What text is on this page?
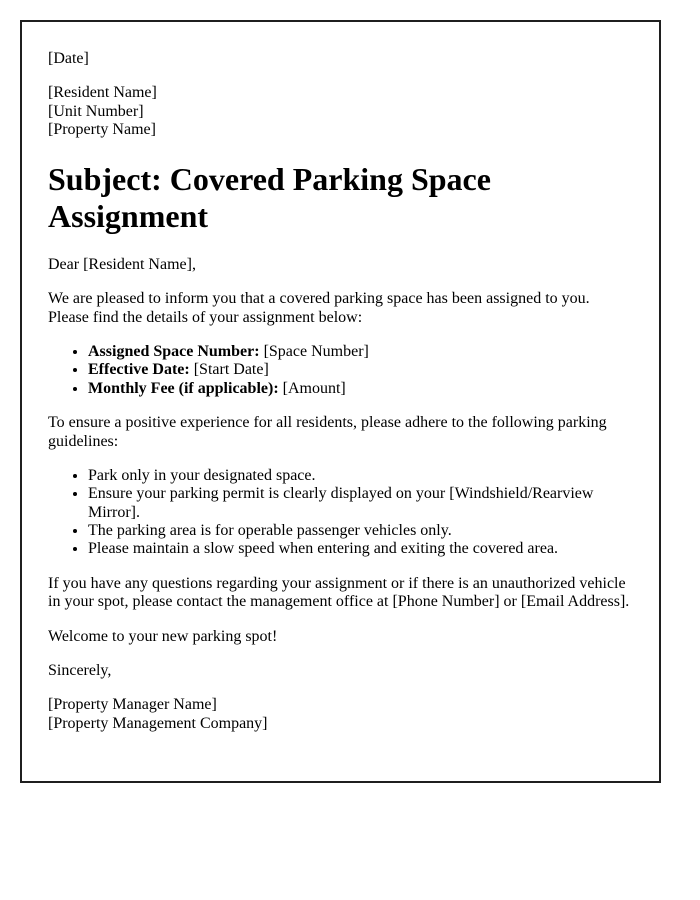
[Date]

[Resident Name]
[Unit Number]
[Property Name]

Subject: Covered Parking Space Assignment

Dear [Resident Name],

We are pleased to inform you that a covered parking space has been assigned to you. Please find the details of your assignment below:

• Assigned Space Number: [Space Number]
• Effective Date: [Start Date]
• Monthly Fee (if applicable): [Amount]

To ensure a positive experience for all residents, please adhere to the following parking guidelines:

• Park only in your designated space.
• Ensure your parking permit is clearly displayed on your [Windshield/Rearview Mirror].
• The parking area is for operable passenger vehicles only.
• Please maintain a slow speed when entering and exiting the covered area.

If you have any questions regarding your assignment or if there is an unauthorized vehicle in your spot, please contact the management office at [Phone Number] or [Email Address].

Welcome to your new parking spot!

Sincerely,

[Property Manager Name]
[Property Management Company]
